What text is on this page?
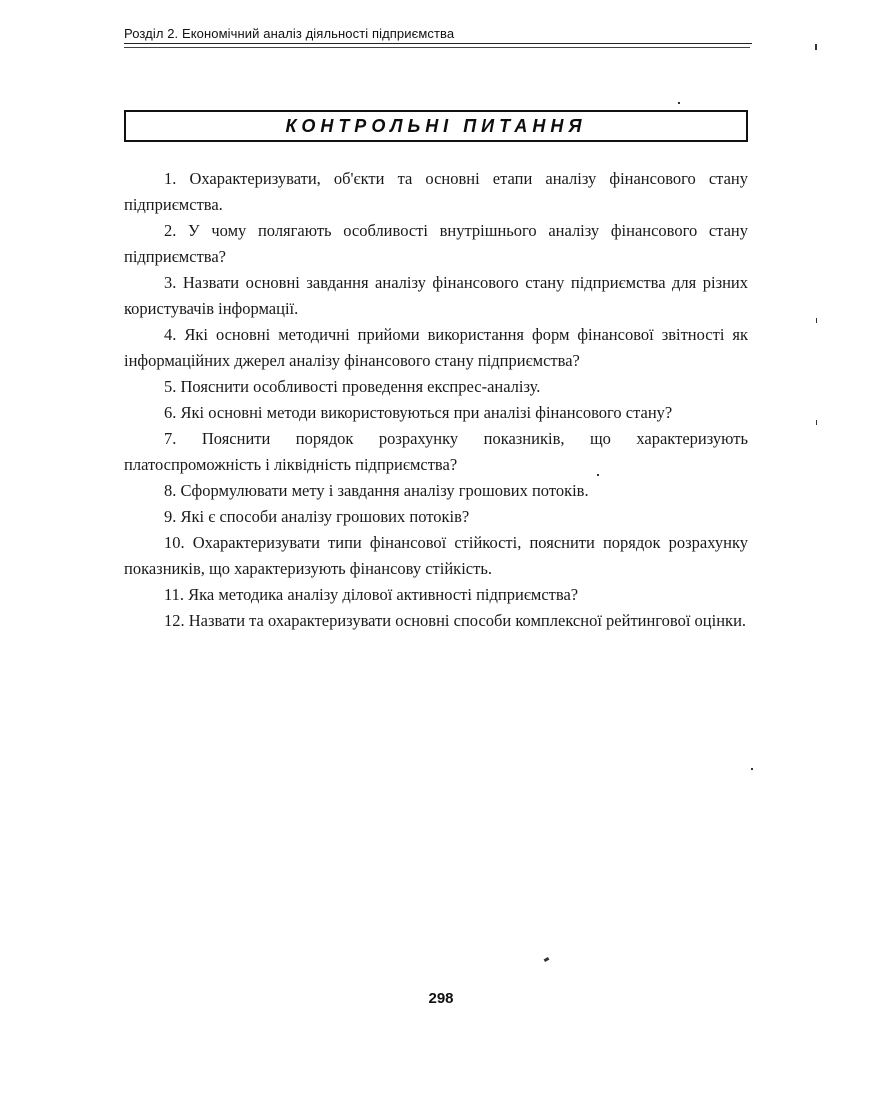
Розділ 2. Економічний аналіз діяльності підприємства
КОНТРОЛЬНІ ПИТАННЯ

1. Охарактеризувати, об'єкти та основні етапи аналізу фінансового стану підприємства.

2. У чому полягають особливості внутрішнього аналізу фінансового стану підприємства?

3. Назвати основні завдання аналізу фінансового стану підприємства для різних користувачів інформації.

4. Які основні методичні прийоми використання форм фінансової звітності як інформаційних джерел аналізу фінансового стану підприємства?

5. Пояснити особливості проведення експрес-аналізу.

6. Які основні методи використовуються при аналізі фінансового стану?

7. Пояснити порядок розрахунку показників, що характеризують платоспроможність і ліквідність підприємства?

8. Сформулювати мету і завдання аналізу грошових потоків.

9. Які є способи аналізу грошових потоків?

10. Охарактеризувати типи фінансової стійкості, пояснити порядок розрахунку показників, що характеризують фінансову стійкість.

11. Яка методика аналізу ділової активності підприємства?

12. Назвати та охарактеризувати основні способи комплексної рейтингової оцінки.

298
